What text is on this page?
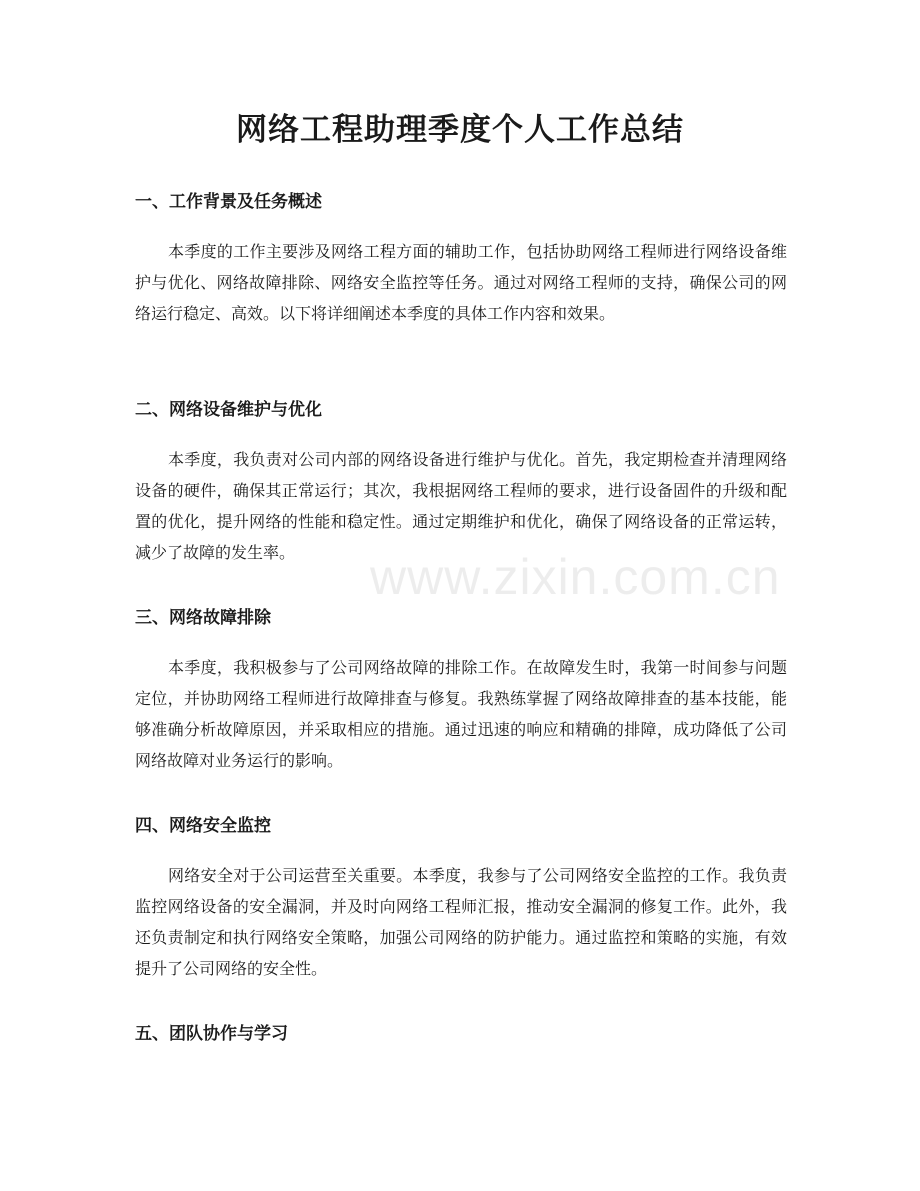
网络工程助理季度个人工作总结
一、工作背景及任务概述

本季度的工作主要涉及网络工程方面的辅助工作，包括协助网络工程师进行网络设备维护与优化、网络故障排除、网络安全监控等任务。通过对网络工程师的支持，确保公司的网络运行稳定、高效。以下将详细阐述本季度的具体工作内容和效果。

二、网络设备维护与优化

本季度，我负责对公司内部的网络设备进行维护与优化。首先，我定期检查并清理网络设备的硬件，确保其正常运行；其次，我根据网络工程师的要求，进行设备固件的升级和配置的优化，提升网络的性能和稳定性。通过定期维护和优化，确保了网络设备的正常运转，减少了故障的发生率。

三、网络故障排除

本季度，我积极参与了公司网络故障的排除工作。在故障发生时，我第一时间参与问题定位，并协助网络工程师进行故障排查与修复。我熟练掌握了网络故障排查的基本技能，能够准确分析故障原因，并采取相应的措施。通过迅速的响应和精确的排障，成功降低了公司网络故障对业务运行的影响。

四、网络安全监控

网络安全对于公司运营至关重要。本季度，我参与了公司网络安全监控的工作。我负责监控网络设备的安全漏洞，并及时向网络工程师汇报，推动安全漏洞的修复工作。此外，我还负责制定和执行网络安全策略，加强公司网络的防护能力。通过监控和策略的实施，有效提升了公司网络的安全性。

五、团队协作与学习
www.zixin.com.cn
